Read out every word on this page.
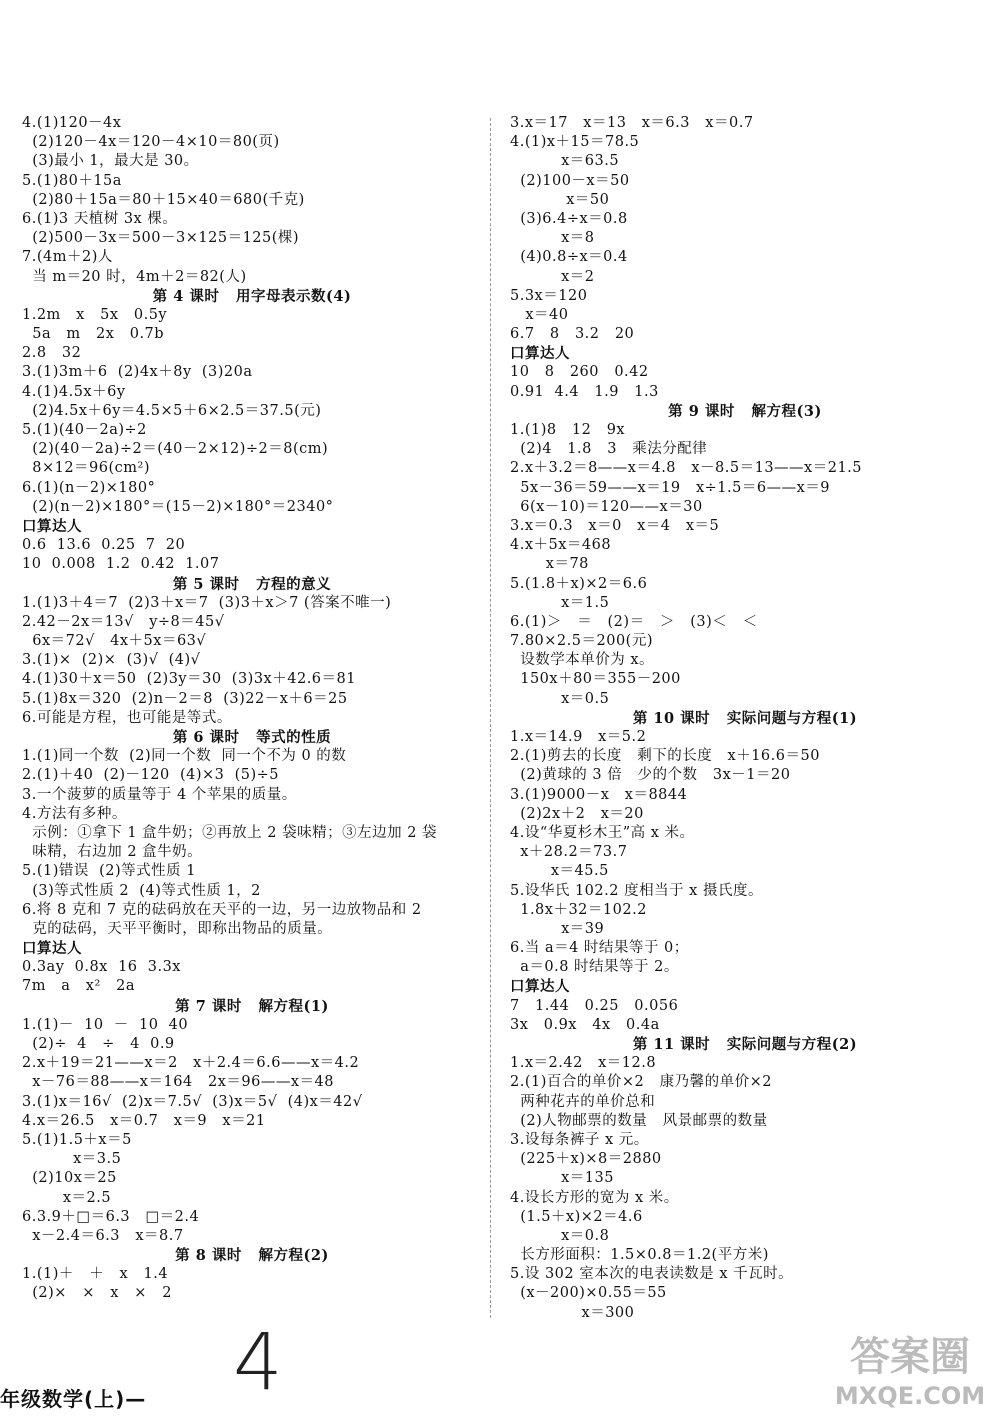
4.(1)120－4x
(2)120－4x＝120－4×10＝80(页)
(3)最小 1，最大是 30。
5.(1)80＋15a
(2)80＋15a＝80＋15×40＝680(千克)
6.(1)3 天植树 3x 棵。
(2)500－3x＝500－3×125＝125(棵)
7.(4m＋2)人
当 m＝20 时，4m＋2＝82(人)
第 4 课时   用字母表示数(4)
1.2m   x   5x   0.5y
5a   m   2x   0.7b
2.8   32
3.(1)3m＋6  (2)4x＋8y  (3)20a
4.(1)4.5x＋6y
(2)4.5x＋6y＝4.5×5＋6×2.5＝37.5(元)
5.(1)(40－2a)÷2
(2)(40－2a)÷2＝(40－2×12)÷2＝8(cm)
8×12＝96(cm²)
6.(1)(n－2)×180°
(2)(n－2)×180°＝(15－2)×180°＝2340°
口算达人
0.6  13.6  0.25  7  20
10  0.008  1.2  0.42  1.07
第 5 课时   方程的意义
1.(1)3＋4＝7  (2)3＋x＝7  (3)3＋x＞7 (答案不唯一)
2.42－2x＝13√   y÷8＝45√
6x＝72√   4x＋5x＝63√
3.(1)×  (2)×  (3)√  (4)√
4.(1)30＋x＝50  (2)3y＝30  (3)3x＋42.6＝81
5.(1)8x＝320  (2)n－2＝8  (3)22－x＋6＝25
6.可能是方程，也可能是等式。
第 6 课时   等式的性质
1.(1)同一个数  (2)同一个数  同一个不为 0 的数
2.(1)＋40  (2)－120  (4)×3  (5)÷5
3.一个菠萝的质量等于 4 个苹果的质量。
4.方法有多种。
示例：①拿下 1 盒牛奶；②再放上 2 袋味精；③左边加 2 袋
味精，右边加 2 盒牛奶。
5.(1)错误  (2)等式性质 1
(3)等式性质 2  (4)等式性质 1，2
6.将 8 克和 7 克的砝码放在天平的一边，另一边放物品和 2
克的砝码，天平平衡时，即称出物品的质量。
口算达人
0.3ay  0.8x  16  3.3x
7m   a   x²   2a
第 7 课时   解方程(1)
1.(1)－  10  －  10  40
(2)÷  4   ÷   4  0.9
2.x＋19＝21——x＝2   x＋2.4＝6.6——x＝4.2
x－76＝88——x＝164   2x＝96——x＝48
3.(1)x＝16√  (2)x＝7.5√  (3)x＝5√  (4)x＝42√
4.x＝26.5   x＝0.7   x＝9   x＝21
5.(1)1.5＋x＝5
x＝3.5
(2)10x＝25
x＝2.5
6.3.9＋□＝6.3   □＝2.4
x－2.4＝6.3   x＝8.7
第 8 课时   解方程(2)
1.(1)＋   ＋   x   1.4
(2)×   ×   x   ×   2
3.x＝17   x＝13   x＝6.3   x＝0.7
4.(1)x＋15＝78.5
x＝63.5
(2)100－x＝50
x＝50
(3)6.4÷x＝0.8
x＝8
(4)0.8÷x＝0.4
x＝2
5.3x＝120
x＝40
6.7   8   3.2   20
口算达人
10   8   260   0.42
0.91  4.4   1.9   1.3
第 9 课时   解方程(3)
1.(1)8   12   9x
(2)4   1.8   3   乘法分配律
2.x＋3.2＝8——x＝4.8   x－8.5＝13——x＝21.5
5x－36＝59——x＝19   x÷1.5＝6——x＝9
6(x－10)＝120——x＝30
3.x＝0.3   x＝0   x＝4   x＝5
4.x＋5x＝468
x＝78
5.(1.8＋x)×2＝6.6
x＝1.5
6.(1)＞   ＝   (2)＝   ＞   (3)＜   ＜
7.80×2.5＝200(元)
设数学本单价为 x。
150x＋80＝355－200
x＝0.5
第 10 课时   实际问题与方程(1)
1.x＝14.9   x＝5.2
2.(1)剪去的长度   剩下的长度   x＋16.6＝50
(2)黄球的 3 倍   少的个数   3x－1＝20
3.(1)9000－x   x＝8844
(2)2x＋2   x＝20
4.设“华夏杉木王”高 x 米。
x＋28.2＝73.7
x＝45.5
5.设华氏 102.2 度相当于 x 摄氏度。
1.8x＋32＝102.2
x＝39
6.当 a＝4 时结果等于 0；
a＝0.8 时结果等于 2。
口算达人
7   1.44   0.25   0.056
3x   0.9x   4x   0.4a
第 11 课时   实际问题与方程(2)
1.x＝2.42   x＝12.8
2.(1)百合的单价×2   康乃馨的单价×2
两种花卉的单价总和
(2)人物邮票的数量   风景邮票的数量
3.设每条裤子 x 元。
(225＋x)×8＝2880
x＝135
4.设长方形的宽为 x 米。
(1.5＋x)×2＝4.6
x＝0.8
长方形面积：1.5×0.8＝1.2(平方米)
5.设 302 室本次的电表读数是 x 千瓦时。
(x－200)×0.55＝55
x＝300
年级数学(上)— 4	答案圈
MXQE.COM
